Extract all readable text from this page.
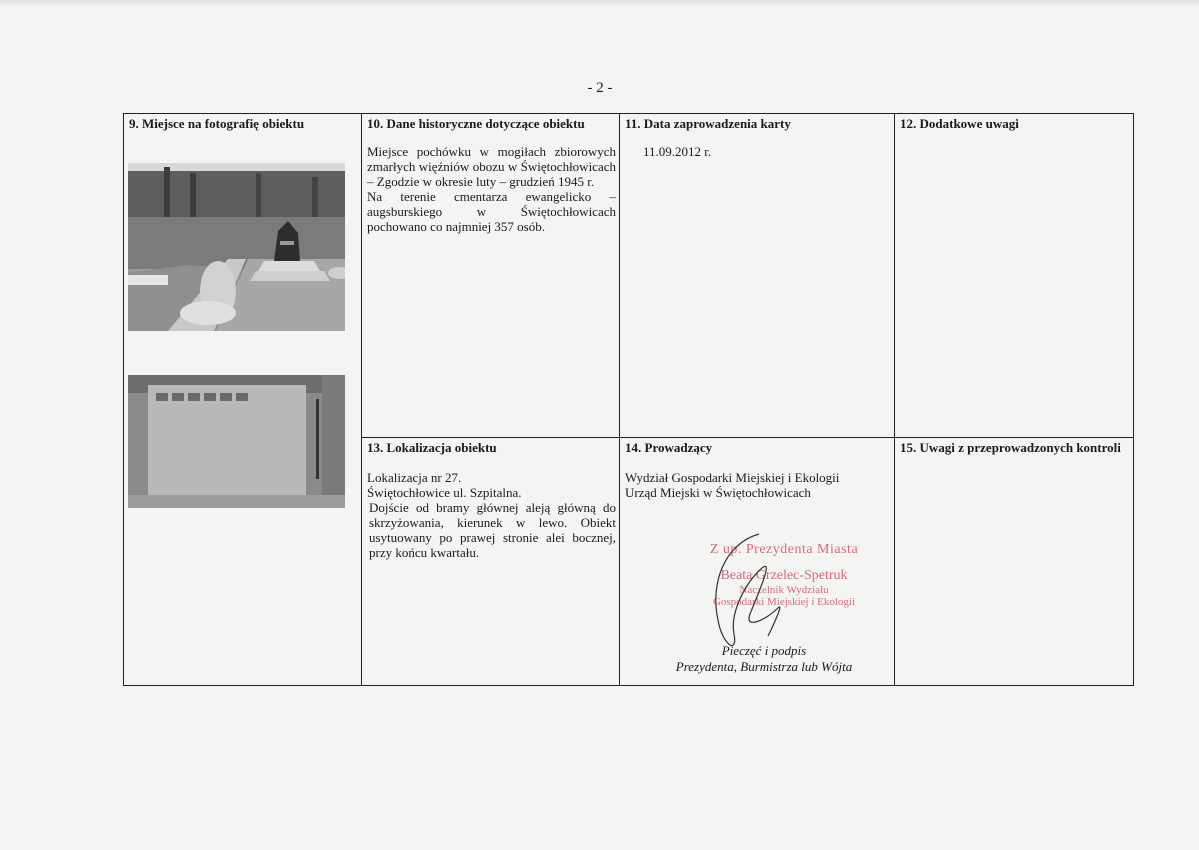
- 2 -
9. Miejsce na fotografię obiektu	10. Dane historyczne dotyczące obiektu

Miejsce pochówku w mogiłach zbiorowych zmarłych więźniów obozu w Świętochłowicach – Zgodzie w okresie luty – grudzień 1945 r.

Na terenie cmentarza ewangelicko – augsburskiego w Świętochłowicach pochowano co najmniej 357 osób.

11. Data zaprowadzenia karty
11.09.2012 r.
12. Dodatkowe uwagi
13. Lokalizacja obiektu

Lokalizacja nr 27.

Świętochłowice ul. Szpitalna.

Dojście od bramy głównej aleją główną do skrzyżowania, kierunek w lewo. Obiekt usytuowany po prawej stronie alei bocznej, przy końcu kwartału.

14. Prowadzący

Wydział Gospodarki Miejskiej i Ekologii

Urząd Miejski w Świętochłowicach

Z up. Prezydenta Miasta
Beata Grzelec-Spetruk
Naczelnik Wydziału
Gospodarki Miejskiej i Ekologii
Pieczęć i podpis
Prezydenta, Burmistrza lub Wójta
15. Uwagi z przeprowadzonych kontroli
